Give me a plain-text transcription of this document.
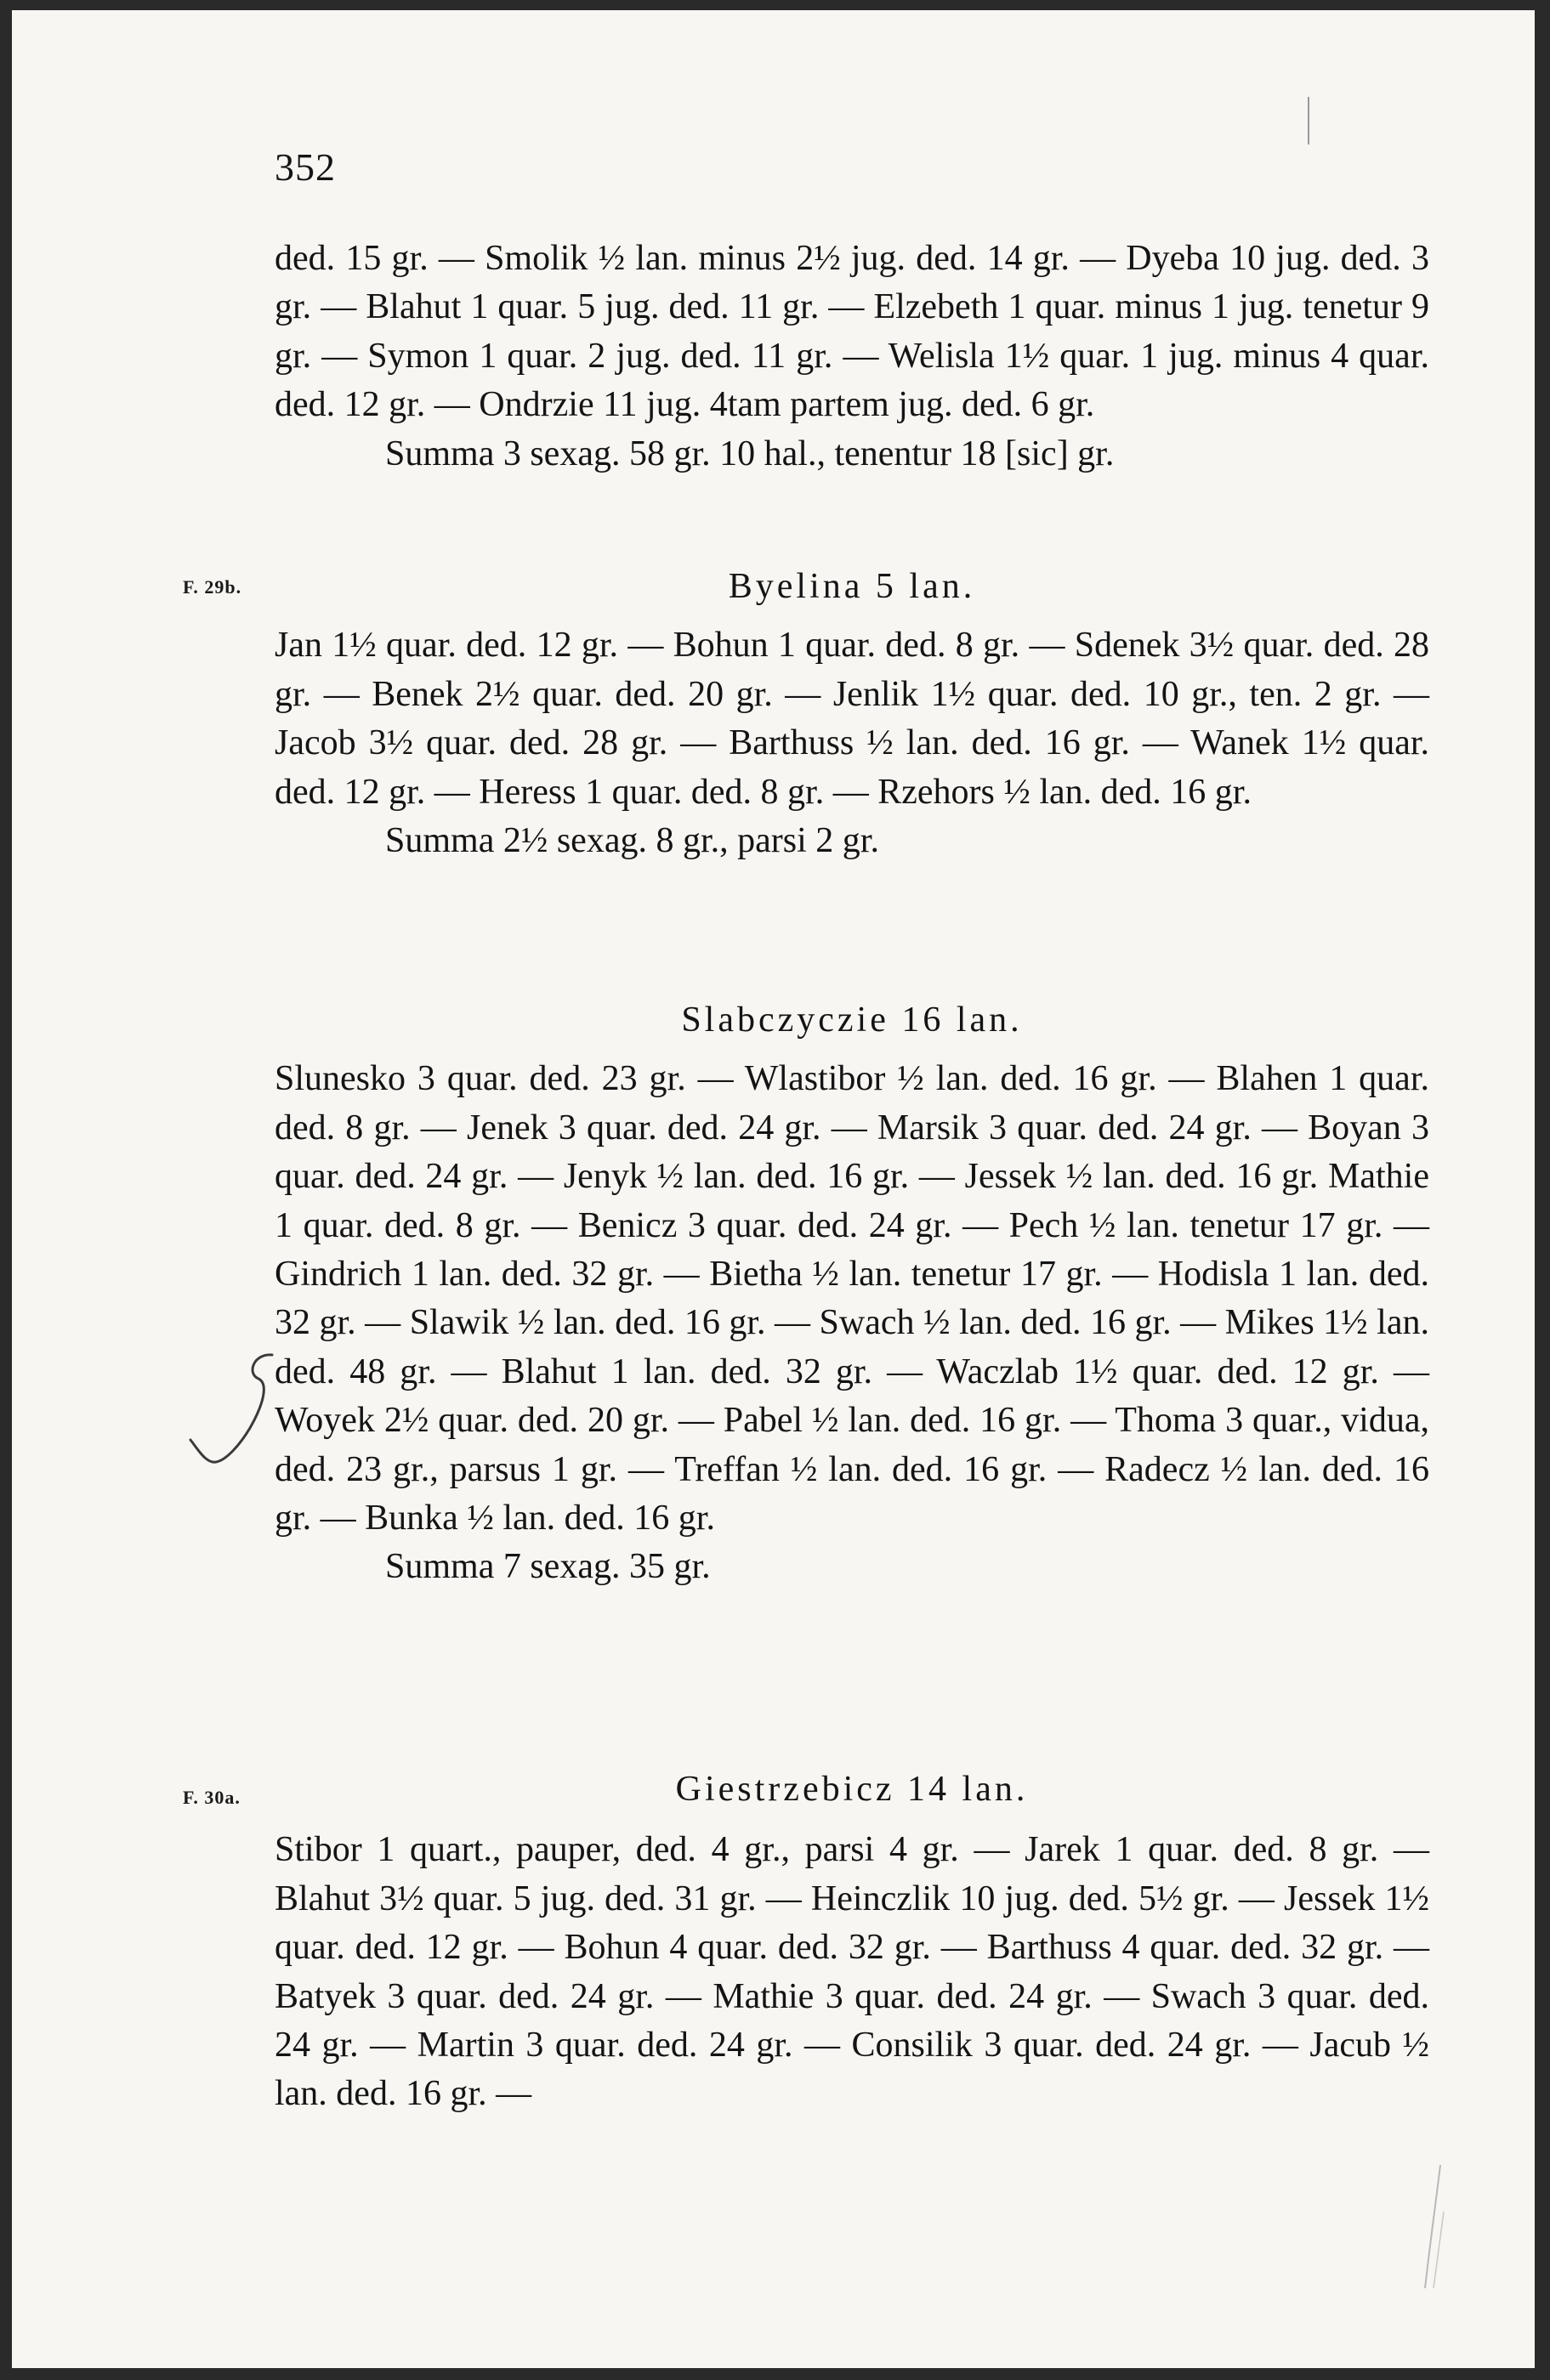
352
F. 29b.
F. 30a.

ded. 15 gr. — Smolik ½ lan. minus 2½ jug. ded. 14 gr. — Dyeba 10 jug. ded. 3 gr. — Blahut 1 quar. 5 jug. ded. 11 gr. — Elzebeth 1 quar. minus 1 jug. tenetur 9 gr. — Symon 1 quar. 2 jug. ded. 11 gr. — Welisla 1½ quar. 1 jug. minus 4 quar. ded. 12 gr. — Ondrzie 11 jug. 4tam partem jug. ded. 6 gr.

Summa 3 sexag. 58 gr. 10 hal., tenentur 18 [sic] gr.

Byelina 5 lan.

Jan 1½ quar. ded. 12 gr. — Bohun 1 quar. ded. 8 gr. — Sdenek 3½ quar. ded. 28 gr. — Benek 2½ quar. ded. 20 gr. — Jenlik 1½ quar. ded. 10 gr., ten. 2 gr. — Jacob 3½ quar. ded. 28 gr. — Barthuss ½ lan. ded. 16 gr. — Wanek 1½ quar. ded. 12 gr. — Heress 1 quar. ded. 8 gr. — Rzehors ½ lan. ded. 16 gr.

Summa 2½ sexag. 8 gr., parsi 2 gr.

Slabczyczie 16 lan.

Slunesko 3 quar. ded. 23 gr. — Wlastibor ½ lan. ded. 16 gr. — Blahen 1 quar. ded. 8 gr. — Jenek 3 quar. ded. 24 gr. — Marsik 3 quar. ded. 24 gr. — Boyan 3 quar. ded. 24 gr. — Jenyk ½ lan. ded. 16 gr. — Jessek ½ lan. ded. 16 gr. Mathie 1 quar. ded. 8 gr. — Benicz 3 quar. ded. 24 gr. — Pech ½ lan. tenetur 17 gr. — Gindrich 1 lan. ded. 32 gr. — Bietha ½ lan. tenetur 17 gr. — Hodisla 1 lan. ded. 32 gr. — Slawik ½ lan. ded. 16 gr. — Swach ½ lan. ded. 16 gr. — Mikes 1½ lan. ded. 48 gr. — Blahut 1 lan. ded. 32 gr. — Waczlab 1½ quar. ded. 12 gr. — Woyek 2½ quar. ded. 20 gr. — Pabel ½ lan. ded. 16 gr. — Thoma 3 quar., vidua, ded. 23 gr., parsus 1 gr. — Treffan ½ lan. ded. 16 gr. — Radecz ½ lan. ded. 16 gr. — Bunka ½ lan. ded. 16 gr.

Summa 7 sexag. 35 gr.

Giestrzebicz 14 lan.

Stibor 1 quart., pauper, ded. 4 gr., parsi 4 gr. — Jarek 1 quar. ded. 8 gr. — Blahut 3½ quar. 5 jug. ded. 31 gr. — Heinczlik 10 jug. ded. 5½ gr. — Jessek 1½ quar. ded. 12 gr. — Bohun 4 quar. ded. 32 gr. — Barthuss 4 quar. ded. 32 gr. — Batyek 3 quar. ded. 24 gr. — Mathie 3 quar. ded. 24 gr. — Swach 3 quar. ded. 24 gr. — Martin 3 quar. ded. 24 gr. — Consilik 3 quar. ded. 24 gr. — Jacub ½ lan. ded. 16 gr. —
